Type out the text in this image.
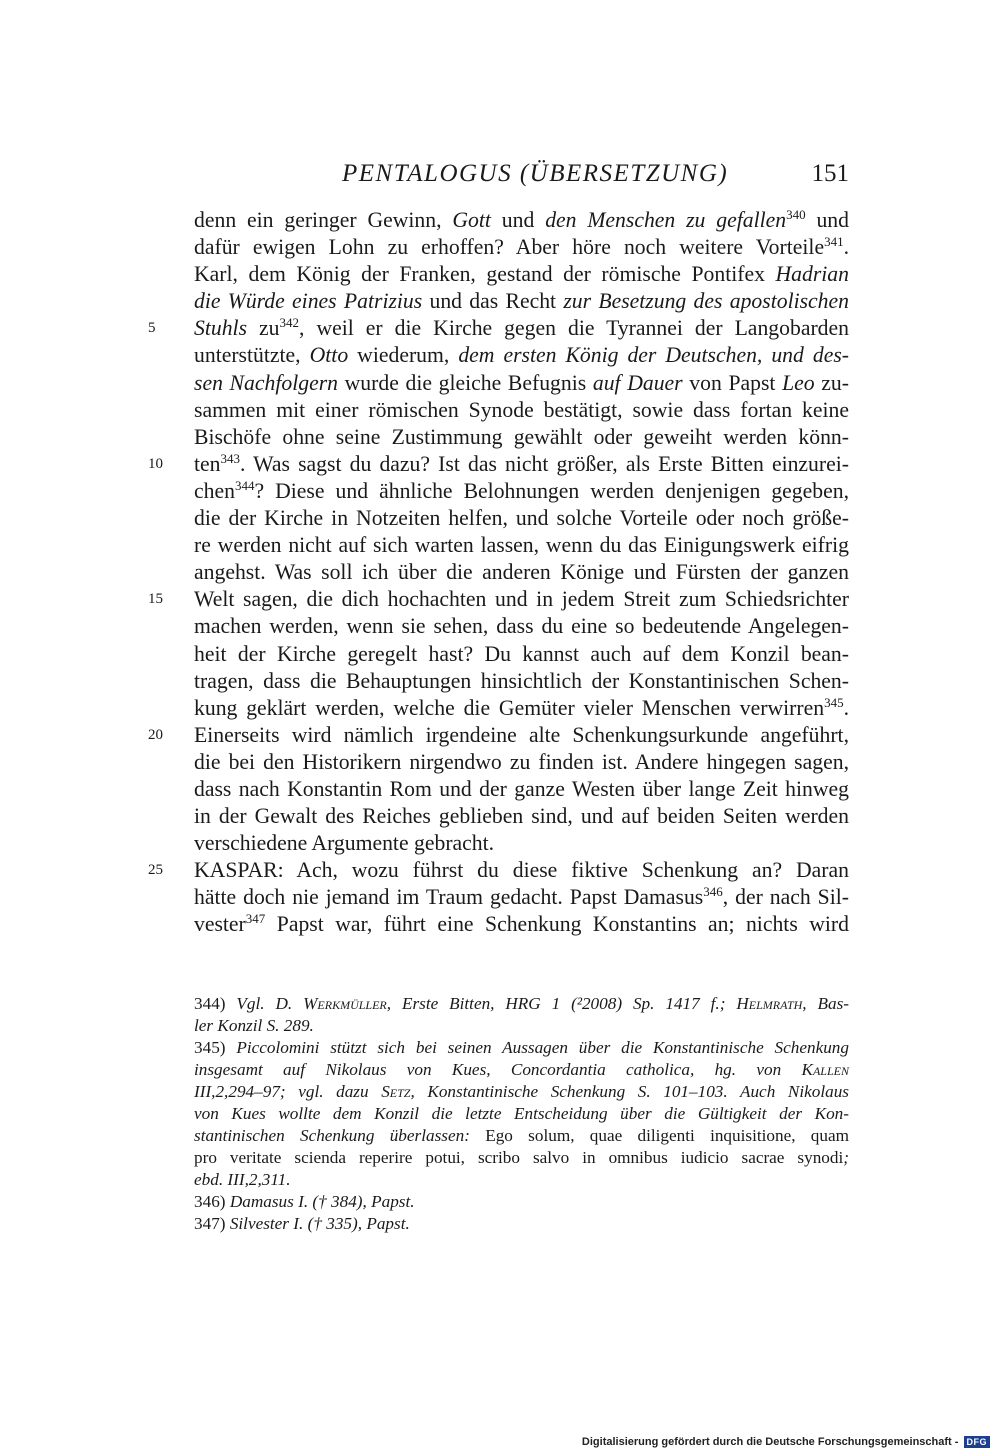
PENTALOGUS (ÜBERSETZUNG)	151
denn ein geringer Gewinn, Gott und den Menschen zu gefallen$^{340}$ und
dafür ewigen Lohn zu erhoffen? Aber höre noch weitere Vorteile$^{341}$.
Karl, dem König der Franken, gestand der römische Pontifex Hadrian
die Würde eines Patrizius und das Recht zur Besetzung des apostolischen
5 Stuhls $zu^{342}$, weil er die Kirche gegen die Tyrannei der Langobarden
unterstützte, Otto wiederum, dem ersten König der Deutschen, und des-
sen Nachfolgern wurde die gleiche Befugnis auf Dauer von Papst Leo zu-
sammen mit einer römischen Synode bestätigt, sowie dass fortan keine
Bischöfe ohne seine Zustimmung gewählt oder geweiht werden könn-
10 ten$^{343}$. Was sagst du dazu? Ist das nicht größer, als Erste Bitten einzurei-
chen$^{344}$? Diese und ähnliche Belohnungen werden denjenigen gegeben,
die der Kirche in Notzeiten helfen, und solche Vorteile oder noch größe-
re werden nicht auf sich warten lassen, wenn du das Einigungswerk eifrig
angehst. Was soll ich über die anderen Könige und Fürsten der ganzen
15 Welt sagen, die dich hochachten und in jedem Streit zum Schiedsrichter
machen werden, wenn sie sehen, dass du eine so bedeutende Angelegen-
heit der Kirche geregelt hast? Du kannst auch auf dem Konzil bean-
tragen, dass die Behauptungen hinsichtlich der Konstantinischen Schen-
kung geklärt werden, welche die Gemüter vieler Menschen verwirren$^{345}$.
20 Einerseits wird nämlich irgendeine alte Schenkungsurkunde angeführt,
die bei den Historikern nirgendwo zu finden ist. Andere hingegen sagen,
dass nach Konstantin Rom und der ganze Westen über lange Zeit hinweg
in der Gewalt des Reiches geblieben sind, und auf beiden Seiten werden
verschiedene Argumente gebracht.
25 KASPAR: Ach, wozu führst du diese fiktive Schenkung an? Daran
hätte doch nie jemand im Traum gedacht. Papst Damasus$^{346}$, der nach Sil-
vester$^{347}$ Papst war, führt eine Schenkung Konstantins an; nichts wird
344) Vgl. D. Werkmüller, Erste Bitten, HRG 1 (²2008) Sp. 1417 f.; Helmrath, Bas-
ler Konzil S. 289.
345) Piccolomini stützt sich bei seinen Aussagen über die Konstantinische Schenkung
insgesamt auf Nikolaus von Kues, Concordantia catholica, hg. von Kallen
III,2,294–97; vgl. dazu Setz, Konstantinische Schenkung S. 101–103. Auch Nikolaus
von Kues wollte dem Konzil die letzte Entscheidung über die Gültigkeit der Kon-
stantinischen Schenkung überlassen: Ego solum, quae diligenti inquisitione, quam
pro veritate scienda reperire potui, scribo salvo in omnibus iudicio sacrae synodi;
ebd. III,2,311.
346) Damasus I. († 384), Papst.
347) Silvester I. († 335), Papst.
Digitalisierung gefördert durch die Deutsche Forschungsgemeinschaft - DFG
